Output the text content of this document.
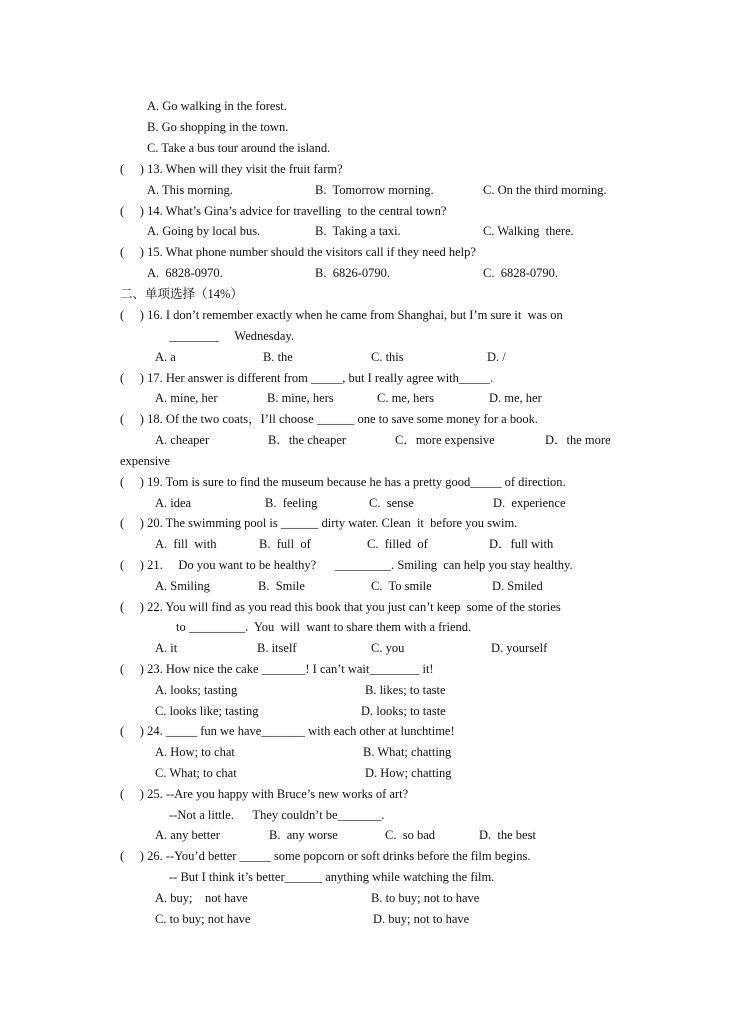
A. Go walking in the forest.
B. Go shopping in the town.
C. Take a bus tour around the island.
(     ) 13. When will they visit the fruit farm?
A. This morning.	B.  Tomorrow morning.	C. On the third morning.
(     ) 14. What’s Gina’s advice for travelling  to the central town?
A. Going by local bus.	B.  Taking a taxi.	C. Walking  there.
(     ) 15. What phone number should the visitors call if they need help?
A.  6828-0970.	B.  6826-0790.	C.  6828-0790.
二、单项选择（14%）
(     ) 16. I don’t remember exactly when he came from Shanghai, but I’m sure it  was on
________     Wednesday.
A. a	B. the	C. this	D. /
(     ) 17. Her answer is different from _____, but I really agree with_____.
A. mine, her	B. mine, hers	C. me, hers	D. me, her
(     ) 18. Of the two coats，I’ll choose ______ one to save some money for a book.
A. cheaper	B．the cheaper	C．more expensive	D．the more
expensive
(     ) 19. Tom is sure to find the museum because he has a pretty good_____ of direction.
A. idea	B.  feeling	C.  sense	D.  experience
(     ) 20. The swimming pool is ______ dirty water. Clean  it  before you swim.
A.  fill  with	B.  full  of	C.  filled  of	D．full with
(     ) 21.     Do you want to be healthy?      _________. Smiling  can help you stay healthy.
A. Smiling	B.  Smile	C.  To smile	D. Smiled
(     ) 22. You will find as you read this book that you just can’t keep  some of the stories
to _________.  You  will  want to share them with a friend.
A. it	B. itself	C. you	D. yourself
(     ) 23. How nice the cake _______! I can’t wait________ it!
A. looks; tasting	B. likes; to taste
C. looks like; tasting	D. looks; to taste
(     ) 24. _____ fun we have_______ with each other at lunchtime!
A. How; to chat	B. What; chatting
C. What; to chat	D. How; chatting
(     ) 25. --Are you happy with Bruce’s new works of art?
--Not a little.      They couldn’t be_______.
A. any better	B.  any worse	C.  so bad	D.  the best
(     ) 26. --You’d better _____ some popcorn or soft drinks before the film begins.
-- But I think it’s better______ anything while watching the film.
A. buy;    not have	B. to buy; not to have
C. to buy; not have	D. buy; not to have
